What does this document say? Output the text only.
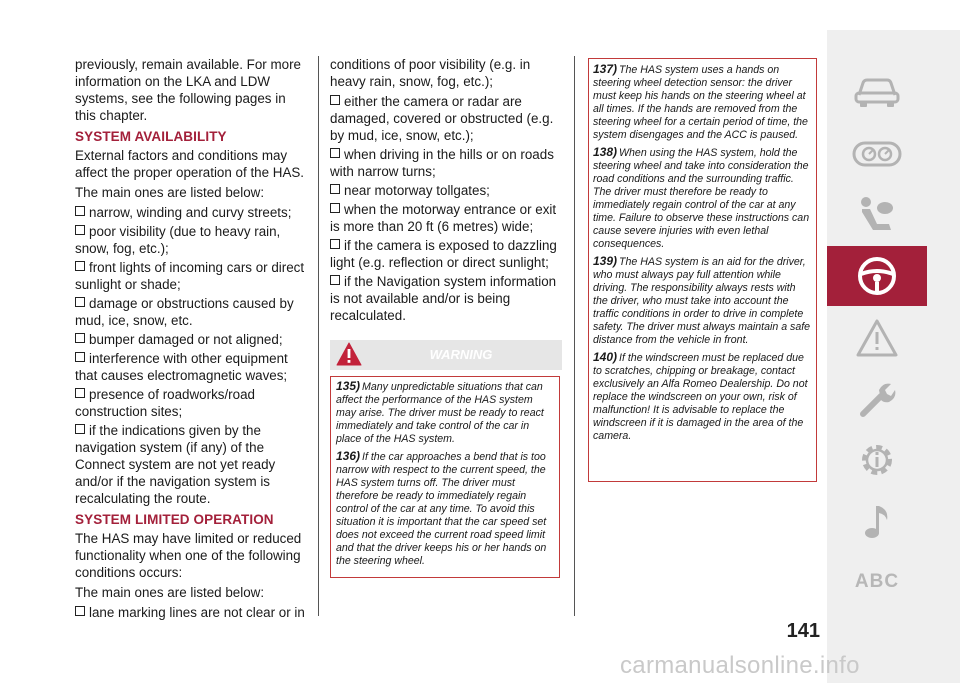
previously, remain available. For more information on the LKA and LDW systems, see the following pages in this chapter.

SYSTEM AVAILABILITY

External factors and conditions may affect the proper operation of the HAS.

The main ones are listed below:

narrow, winding and curvy streets;
poor visibility (due to heavy rain, snow, fog, etc.);
front lights of incoming cars or direct sunlight or shade;
damage or obstructions caused by mud, ice, snow, etc.
bumper damaged or not aligned;
interference with other equipment that causes electromagnetic waves;
presence of roadworks/road construction sites;
if the indications given by the navigation system (if any) of the Connect system are not yet ready and/or if the navigation system is recalculating the route.
SYSTEM LIMITED OPERATION

The HAS may have limited or reduced functionality when one of the following conditions occurs:

The main ones are listed below:

lane marking lines are not clear or in

conditions of poor visibility (e.g. in heavy rain, snow, fog, etc.);

either the camera or radar are damaged, covered or obstructed (e.g. by mud, ice, snow, etc.);
when driving in the hills or on roads with narrow turns;
near motorway tollgates;
when the motorway entrance or exit is more than 20 ft (6 metres) wide;
if the camera is exposed to dazzling light (e.g. reflection or direct sunlight;
if the Navigation system information is not available and/or is being recalculated.
WARNING

135) Many unpredictable situations that can affect the performance of the HAS system may arise. The driver must be ready to react immediately and take control of the car in place of the HAS system.

136) If the car approaches a bend that is too narrow with respect to the current speed, the HAS system turns off. The driver must therefore be ready to immediately regain control of the car at any time. To avoid this situation it is important that the car speed set does not exceed the current road speed limit and that the driver keeps his or her hands on the steering wheel.

137) The HAS system uses a hands on steering wheel detection sensor: the driver must keep his hands on the steering wheel at all times. If the hands are removed from the steering wheel for a certain period of time, the system disengages and the ACC is paused.

138) When using the HAS system, hold the steering wheel and take into consideration the road conditions and the surrounding traffic. The driver must therefore be ready to immediately regain control of the car at any time. Failure to observe these instructions can cause severe injuries with even lethal consequences.

139) The HAS system is an aid for the driver, who must always pay full attention while driving. The responsibility always rests with the driver, who must take into account the traffic conditions in order to drive in complete safety. The driver must always maintain a safe distance from the vehicle in front.

140) If the windscreen must be replaced due to scratches, chipping or breakage, contact exclusively an Alfa Romeo Dealership. Do not replace the windscreen on your own, risk of malfunction! It is advisable to replace the windscreen if it is damaged in the area of the camera.

ABC
141
carmanualsonline.info
